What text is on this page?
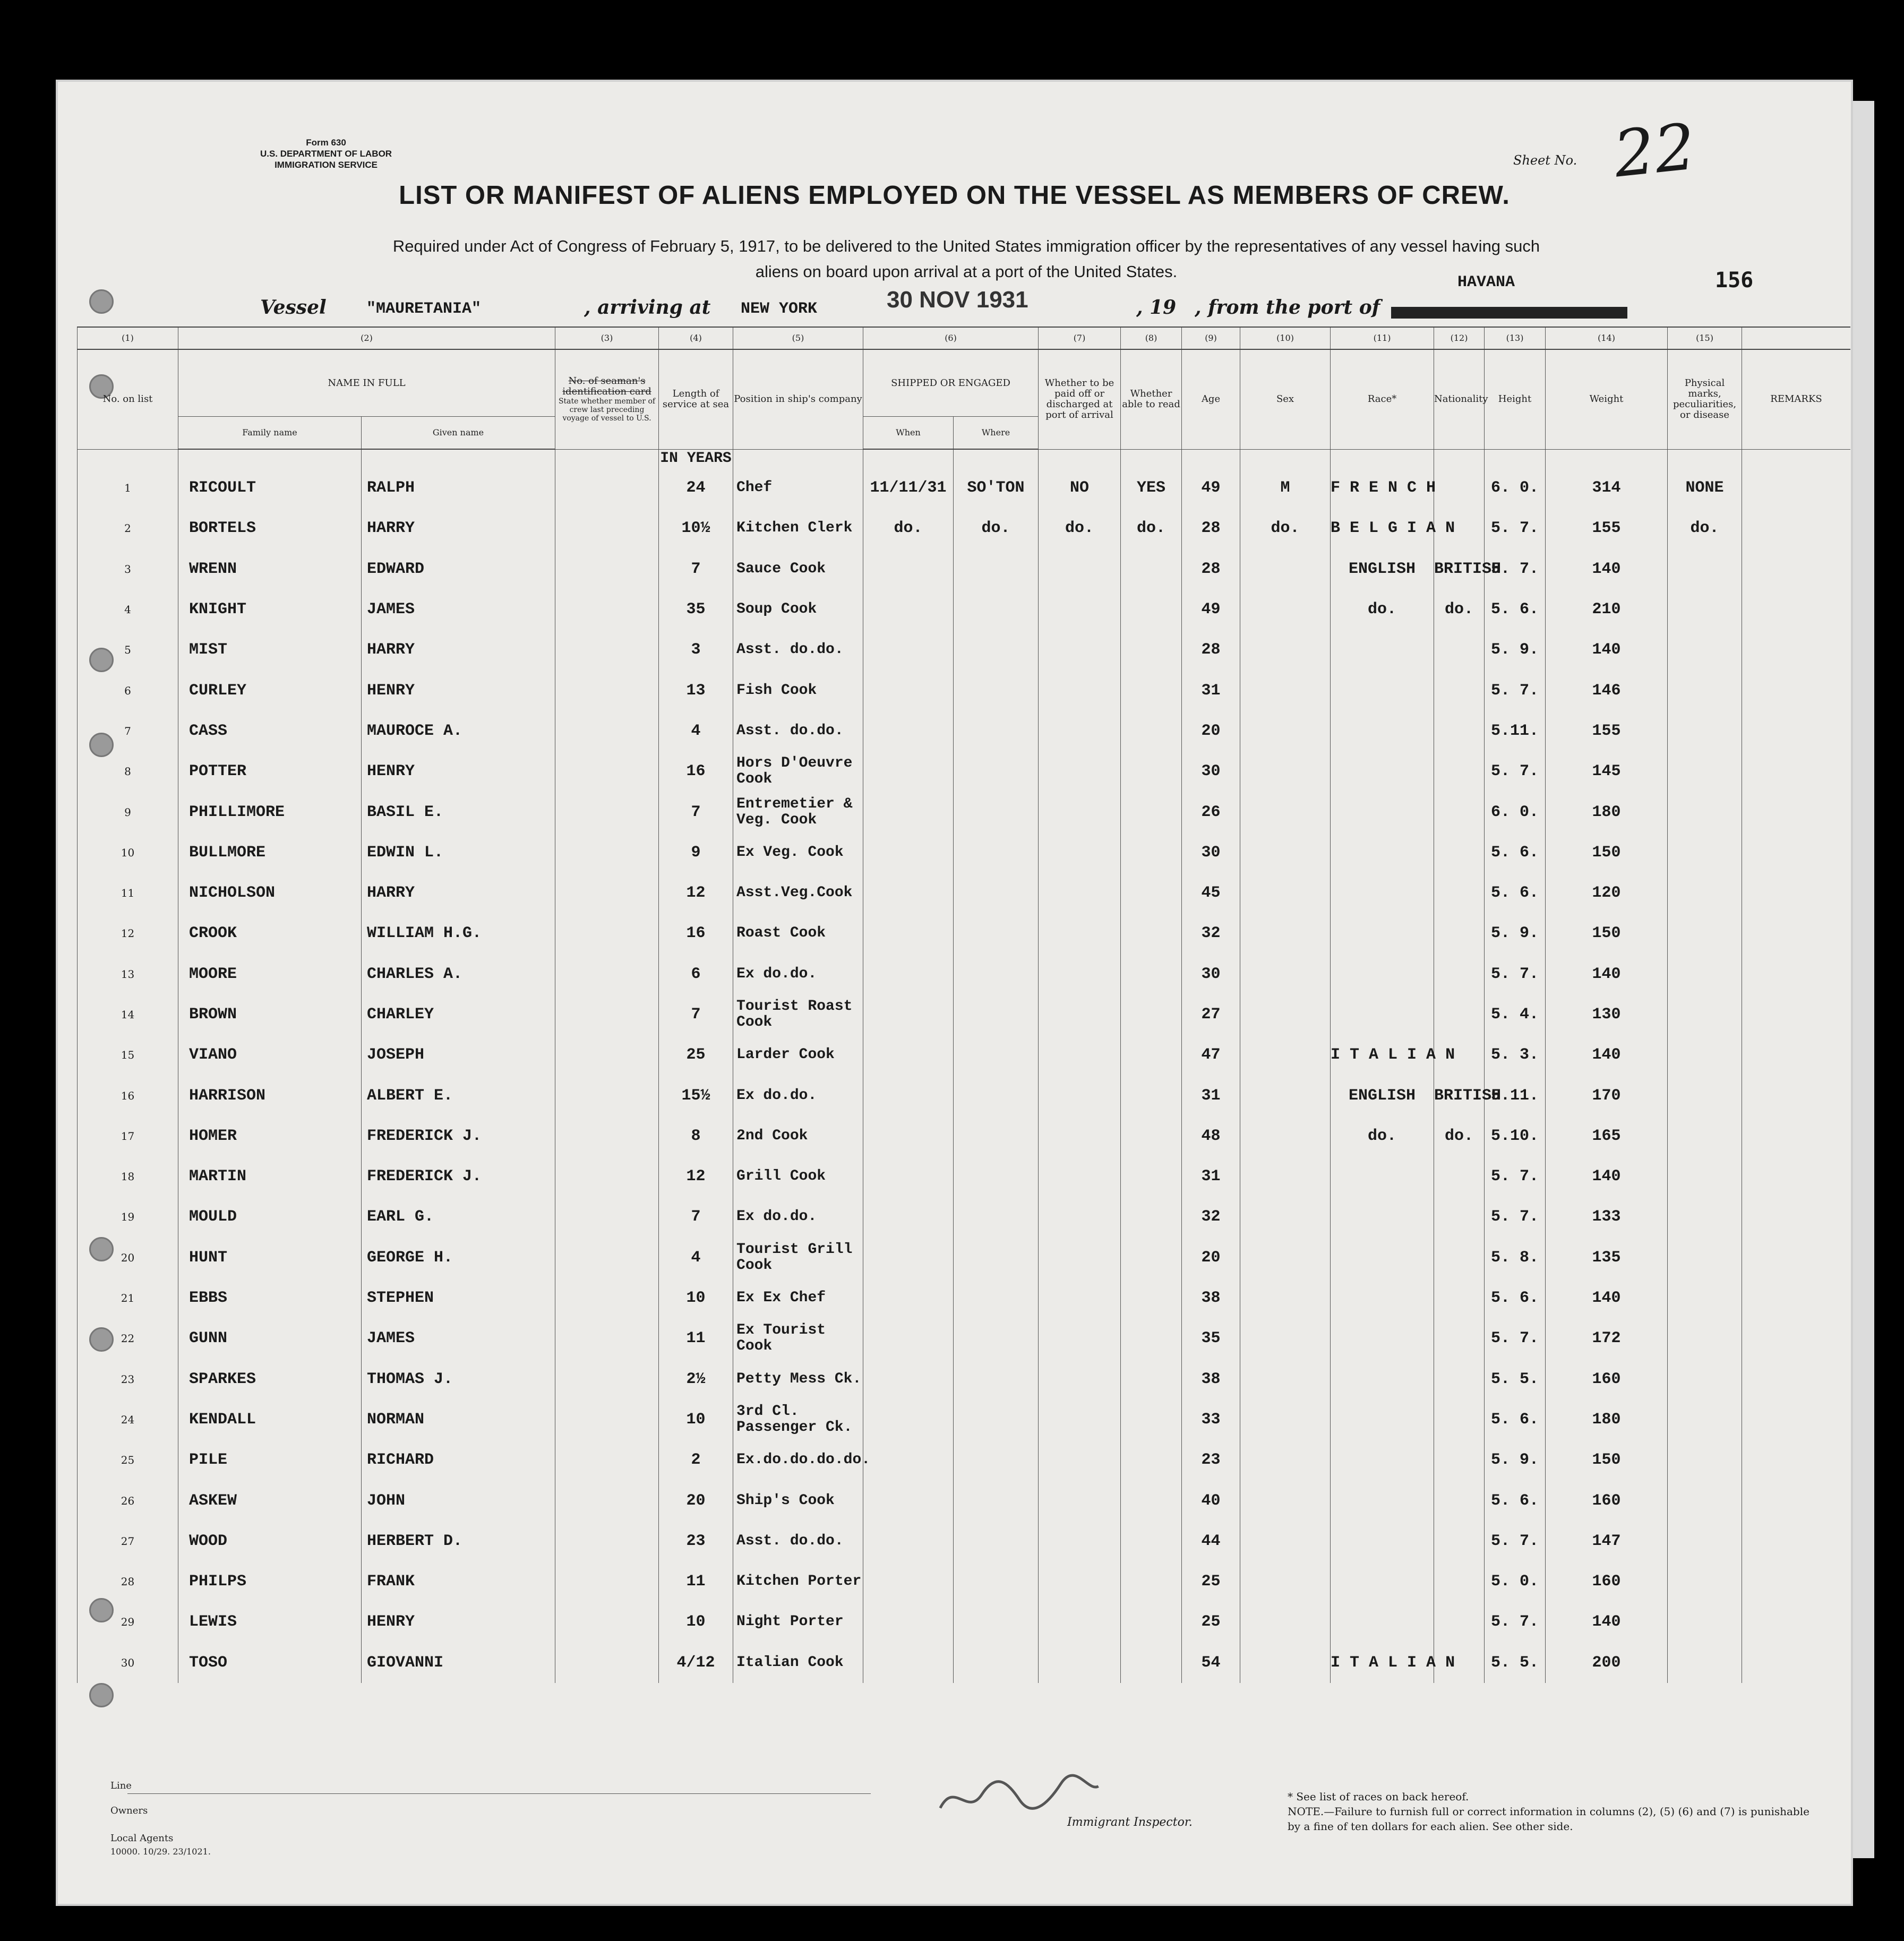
Form 630
U.S. DEPARTMENT OF LABOR
IMMIGRATION SERVICE	Sheet No. 22
LIST OR MANIFEST OF ALIENS EMPLOYED ON THE VESSEL AS MEMBERS OF CREW.
Required under Act of Congress of February 5, 1917, to be delivered to the United States immigration officer by the representatives of any vessel having such
aliens on board upon arrival at a port of the United States.	156
Vessel	"MAURETANIA"	, arriving at NEW YORK	30 NOV 1931	, 19 , from the port of
HAVANA
(1)	(2)		(3)	(4)	(5)	(6)		(7)	(8)	(9)	(10)	(11)	(12)	(13)	(14)	(15)	
No. on list	NAME IN FULL		No. of seaman's identification card
State whether member of crew last preceding voyage of vessel to U.S.	Length of service at sea	Position in ship's company	SHIPPED OR ENGAGED		Whether to be paid off or discharged at port of arrival	Whether able to read	Age	Sex	Race*	Nationality	Height	Weight	Physical marks, peculiarities, or disease	REMARKS
	Family name	Given name				When	Where										
				IN YEARS													
1	RICOULT	RALPH		24	Chef	11/11/31	SO'TON	NO	YES	49	M	F R E N C H		6. 0.	314	NONE	
2	BORTELS	HARRY		10½	Kitchen Clerk	do.	do.	do.	do.	28	do.	B E L G I A N		5. 7.	155	do.	
3	WRENN	EDWARD		7	Sauce Cook					28		ENGLISH	BRITISH	5. 7.	140		
4	KNIGHT	JAMES		35	Soup Cook					49		do.	do.	5. 6.	210		
5	MIST	HARRY		3	Asst. do.do.					28				5. 9.	140		
6	CURLEY	HENRY		13	Fish Cook					31				5. 7.	146		
7	CASS	MAUROCE A.		4	Asst. do.do.					20				5.11.	155		
8	POTTER	HENRY		16	Hors D'Oeuvre Cook					30				5. 7.	145		
9	PHILLIMORE	BASIL E.		7	Entremetier & Veg. Cook					26				6. 0.	180		
10	BULLMORE	EDWIN L.		9	Ex Veg. Cook					30				5. 6.	150		
11	NICHOLSON	HARRY		12	Asst.Veg.Cook					45				5. 6.	120		
12	CROOK	WILLIAM H.G.		16	Roast Cook					32				5. 9.	150		
13	MOORE	CHARLES A.		6	Ex do.do.					30				5. 7.	140		
14	BROWN	CHARLEY		7	Tourist Roast Cook					27				5. 4.	130		
15	VIANO	JOSEPH		25	Larder Cook					47		I T A L I A N		5. 3.	140		
16	HARRISON	ALBERT E.		15½	Ex do.do.					31		ENGLISH	BRITISH	5.11.	170		
17	HOMER	FREDERICK J.		8	2nd Cook					48		do.	do.	5.10.	165		
18	MARTIN	FREDERICK J.		12	Grill Cook					31				5. 7.	140		
19	MOULD	EARL G.		7	Ex do.do.					32				5. 7.	133		
20	HUNT	GEORGE H.		4	Tourist Grill Cook					20				5. 8.	135		
21	EBBS	STEPHEN		10	Ex Ex Chef					38				5. 6.	140		
22	GUNN	JAMES		11	Ex Tourist Cook					35				5. 7.	172		
23	SPARKES	THOMAS J.		2½	Petty Mess Ck.					38				5. 5.	160		
24	KENDALL	NORMAN		10	3rd Cl. Passenger Ck.					33				5. 6.	180		
25	PILE	RICHARD		2	Ex.do.do.do.do.					23				5. 9.	150		
26	ASKEW	JOHN		20	Ship's Cook					40				5. 6.	160		
27	WOOD	HERBERT D.		23	Asst. do.do.					44				5. 7.	147		
28	PHILPS	FRANK		11	Kitchen Porter					25				5. 0.	160		
29	LEWIS	HENRY		10	Night Porter					25				5. 7.	140		
30	TOSO	GIOVANNI		4/12	Italian Cook					54		I T A L I A N		5. 5.	200		
Line
Owners
Local Agents
10000. 10/29. 23/1021.
Immigrant Inspector.
* See list of races on back hereof.
NOTE.—Failure to furnish full or correct information in columns (2), (5) (6) and (7) is punishable by a fine of ten dollars for each alien. See other side.
